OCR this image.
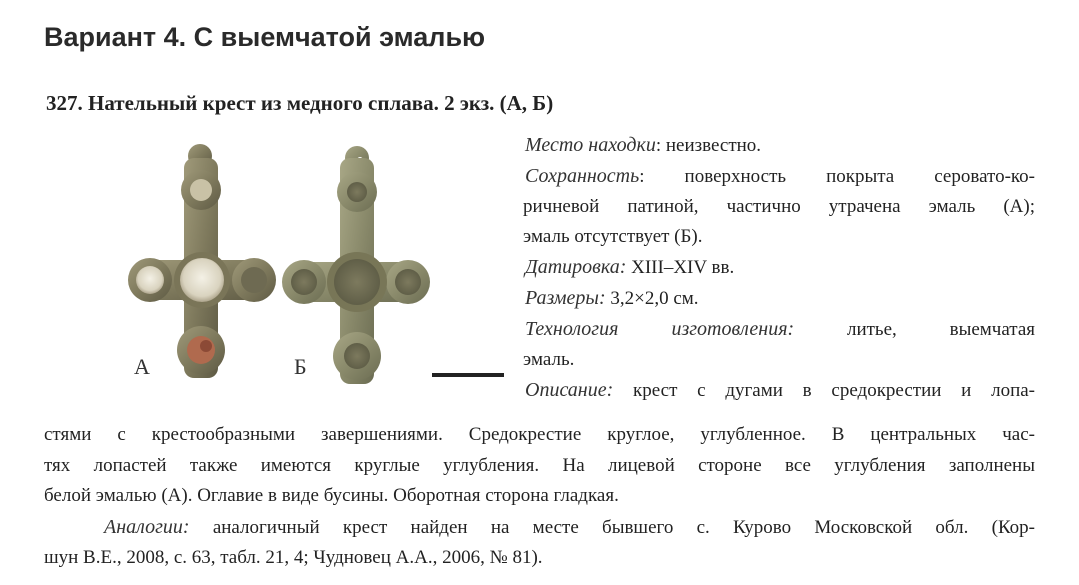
Вариант 4. С выемчатой эмалью
327. Нательный крест из медного сплава. 2 экз. (А, Б)
А	Б

Место находки: неизвестно.

Сохранность: поверхность покрыта серовато-ко-

ричневой патиной, частично утрачена эмаль (А);

эмаль отсутствует (Б).

Датировка: XIII–XIV вв.

Размеры: 3,2×2,0 см.

Технология изготовления: литье, выемчатая

эмаль.

Описание: крест с дугами в средокрестии и лопа-

стями с крестообразными завершениями. Средокрестие круглое, углубленное. В центральных час-

тях лопастей также имеются круглые углубления. На лицевой стороне все углубления заполнены

белой эмалью (А). Оглавие в виде бусины. Оборотная сторона гладкая.

Аналогии: аналогичный крест найден на месте бывшего с. Курово Московской обл. (Кор-

шун В.Е., 2008, с. 63, табл. 21, 4; Чудновец А.А., 2006, № 81).
